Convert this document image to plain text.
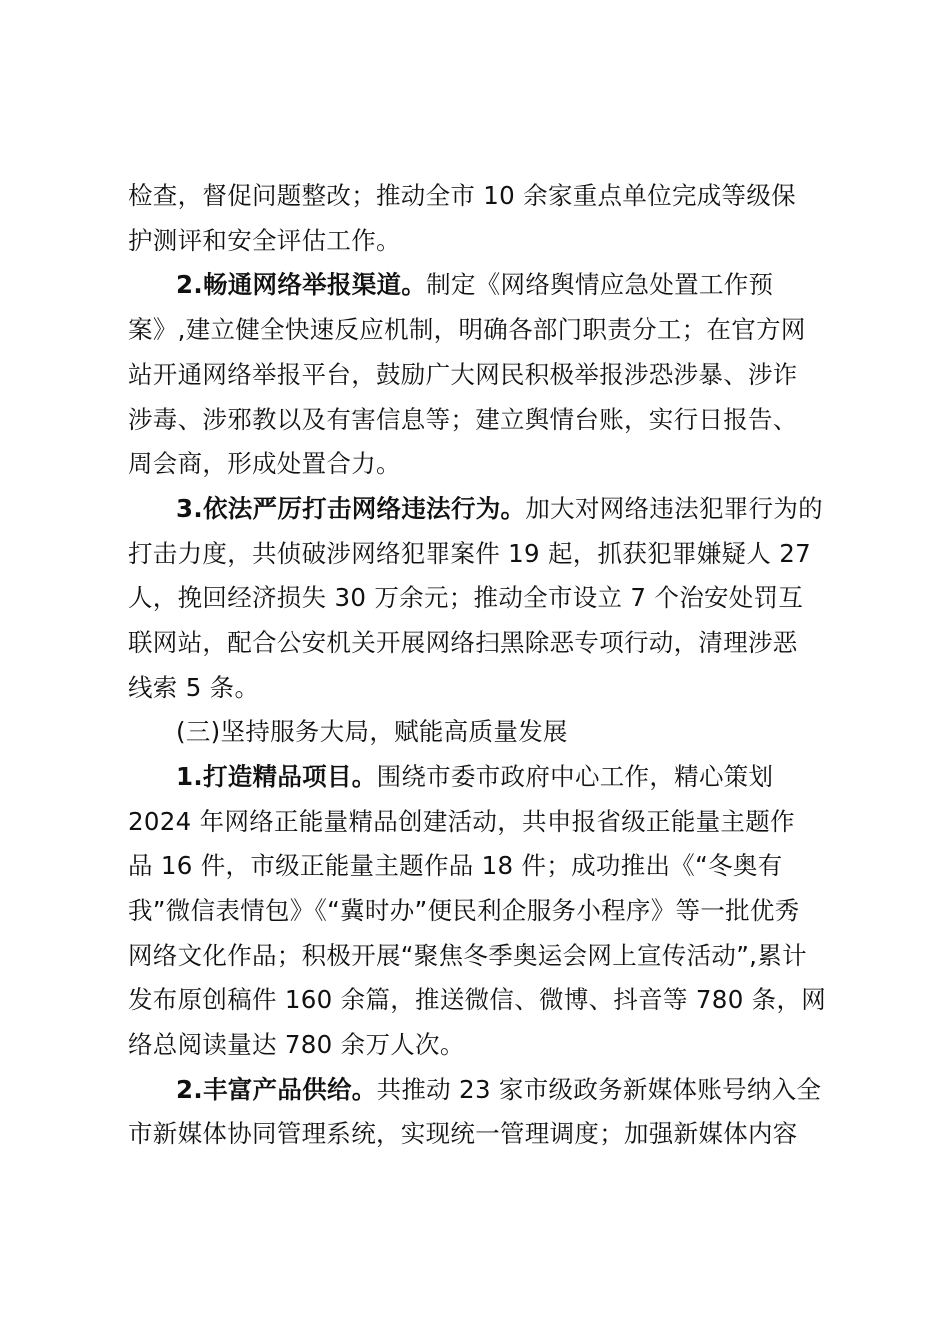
检查，督促问题整改；推动全市 10 余家重点单位完成等级保
护测评和安全评估工作。
2.畅通网络举报渠道。制定《网络舆情应急处置工作预
案》,建立健全快速反应机制，明确各部门职责分工；在官方网
站开通网络举报平台，鼓励广大网民积极举报涉恐涉暴、涉诈
涉毒、涉邪教以及有害信息等；建立舆情台账，实行日报告、
周会商，形成处置合力。
3.依法严厉打击网络违法行为。加大对网络违法犯罪行为的
打击力度，共侦破涉网络犯罪案件 19 起，抓获犯罪嫌疑人 27
人，挽回经济损失 30 万余元；推动全市设立 7 个治安处罚互
联网站，配合公安机关开展网络扫黑除恶专项行动，清理涉恶
线索 5 条。
(三)坚持服务大局，赋能高质量发展
1.打造精品项目。围绕市委市政府中心工作，精心策划
2024 年网络正能量精品创建活动，共申报省级正能量主题作
品 16 件，市级正能量主题作品 18 件；成功推出《“冬奥有
我”微信表情包》《“冀时办”便民利企服务小程序》等一批优秀
网络文化作品；积极开展“聚焦冬季奥运会网上宣传活动”,累计
发布原创稿件 160 余篇，推送微信、微博、抖音等 780 条，网
络总阅读量达 780 余万人次。
2.丰富产品供给。共推动 23 家市级政务新媒体账号纳入全
市新媒体协同管理系统，实现统一管理调度；加强新媒体内容
